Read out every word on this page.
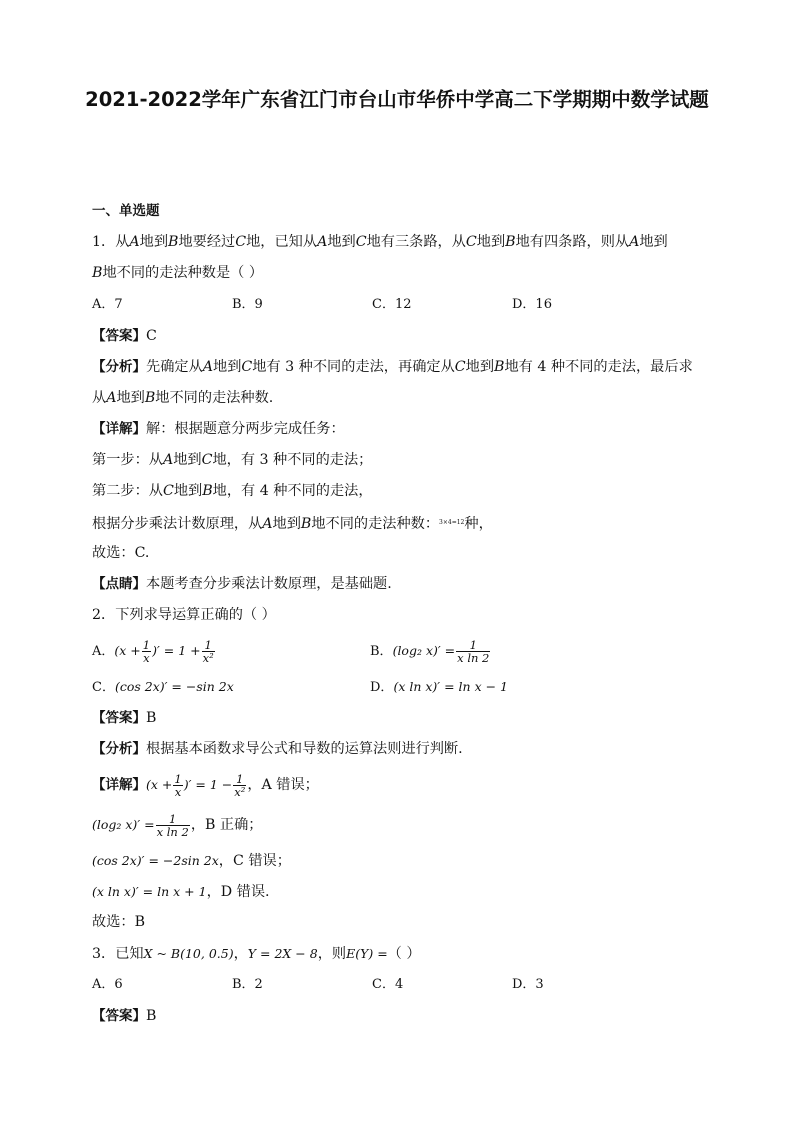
2021-2022学年广东省江门市台山市华侨中学高二下学期期中数学试题
一、单选题
1．从A地到B地要经过C地，已知从A地到C地有三条路，从C地到B地有四条路，则从A地到
B地不同的走法种数是（ ）
A．7	B．9	C．12	D．16
【答案】C
【分析】先确定从A地到C地有 3 种不同的走法，再确定从C地到B地有 4 种不同的走法，最后求
从A地到B地不同的走法种数.
【详解】解：根据题意分两步完成任务：
第一步：从A地到C地，有 3 种不同的走法；
第二步：从C地到B地，有 4 种不同的走法，
根据分步乘法计数原理，从A地到B地不同的走法种数：$^{3\times 4=12}$种，
故选：C.
【点睛】本题考查分步乘法计数原理，是基础题.
2．下列求导运算正确的（ ）
A．($x + \frac{1}{x}$ )′ = $1 + \frac{1}{\text{x²}}$	B．(log₂ $x)' = \frac{1}{\text{x ln 2}}$
C．(cos 2x)′ = −sin 2x	D．(x ln x)′ = ln x − 1
【答案】B
【分析】根据基本函数求导公式和导数的运算法则进行判断.
【详解】($x + \frac{1}{x}$ )′ = $1 - \frac{1}{\text{x²}}$ ，A 错误；
(log₂ $x)' = \frac{1}{\text{x ln 2}}$ ，B 正确；
(cos 2x)′ = −2sin 2x，C 错误；
(x ln x)′ = ln x + 1，D 错误.
故选：B
3．已知X ~ B(10, 0.5)，Y = 2X − 8，则E(Y) =（ ）
A．6	B．2	C．4	D．3
【答案】B
